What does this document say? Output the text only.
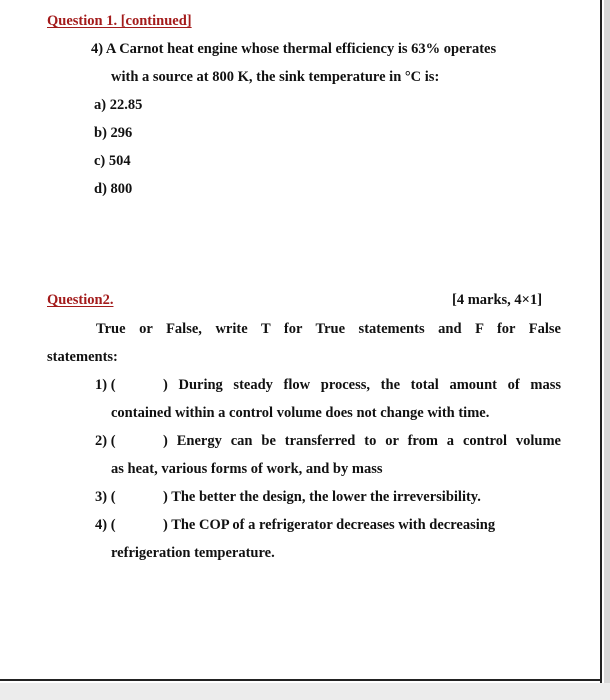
Question 1. [continued]
4) A Carnot heat engine whose thermal efficiency is 63% operates
with a source at 800 K, the sink temperature in °C is:
a) 22.85
b) 296
c) 504
d) 800
Question2.	[4 marks, 4×1]
True or False, write T for True statements and F for False
statements:
1) (	) During steady flow process, the total amount of mass
contained within a control volume does not change with time.
2) (	) Energy can be transferred to or from a control volume
as heat, various forms of work, and by mass
3) (	) The better the design, the lower the irreversibility.
4) (	) The COP of a refrigerator decreases with decreasing
refrigeration temperature.
